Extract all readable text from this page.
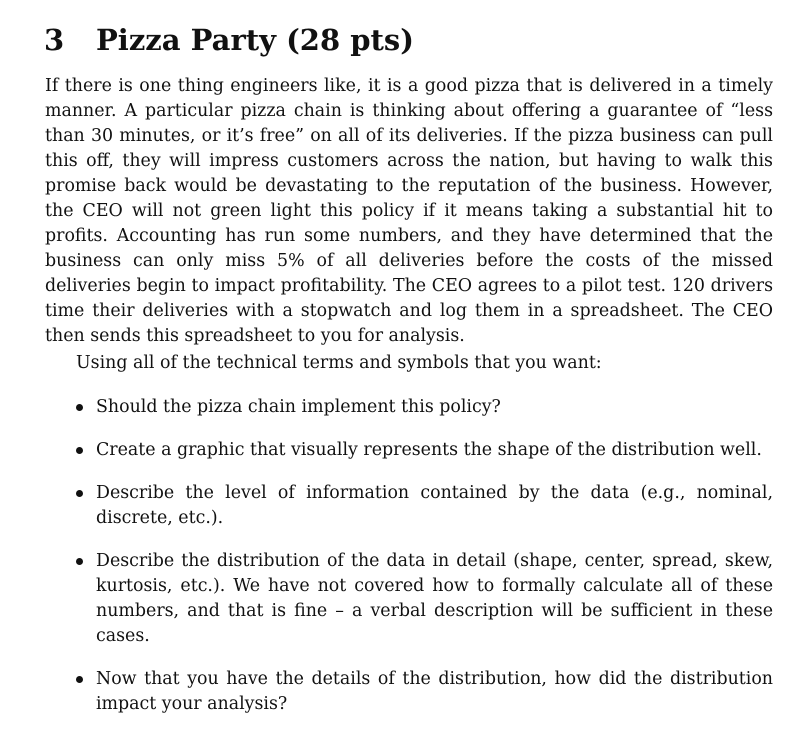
3 Pizza Party (28 pts)

If there is one thing engineers like, it is a good pizza that is delivered in a timely manner. A particular pizza chain is thinking about offering a guarantee of “less than 30 minutes, or it’s free” on all of its deliveries. If the pizza business can pull this off, they will impress customers across the nation, but having to walk this promise back would be devastating to the reputation of the business. However, the CEO will not green light this policy if it means taking a substantial hit to profits. Accounting has run some numbers, and they have determined that the business can only miss 5% of all deliveries before the costs of the missed deliveries begin to impact profitability. The CEO agrees to a pilot test. 120 drivers time their deliveries with a stopwatch and log them in a spreadsheet. The CEO then sends this spreadsheet to you for analysis.

Using all of the technical terms and symbols that you want:
Should the pizza chain implement this policy?
Create a graphic that visually represents the shape of the distribution well.
Describe the level of information contained by the data (e.g., nominal, discrete, etc.).
Describe the distribution of the data in detail (shape, center, spread, skew, kurtosis, etc.). We have not covered how to formally calculate all of these numbers, and that is fine – a verbal description will be sufficient in these cases.
Now that you have the details of the distribution, how did the distribution impact your analysis?
